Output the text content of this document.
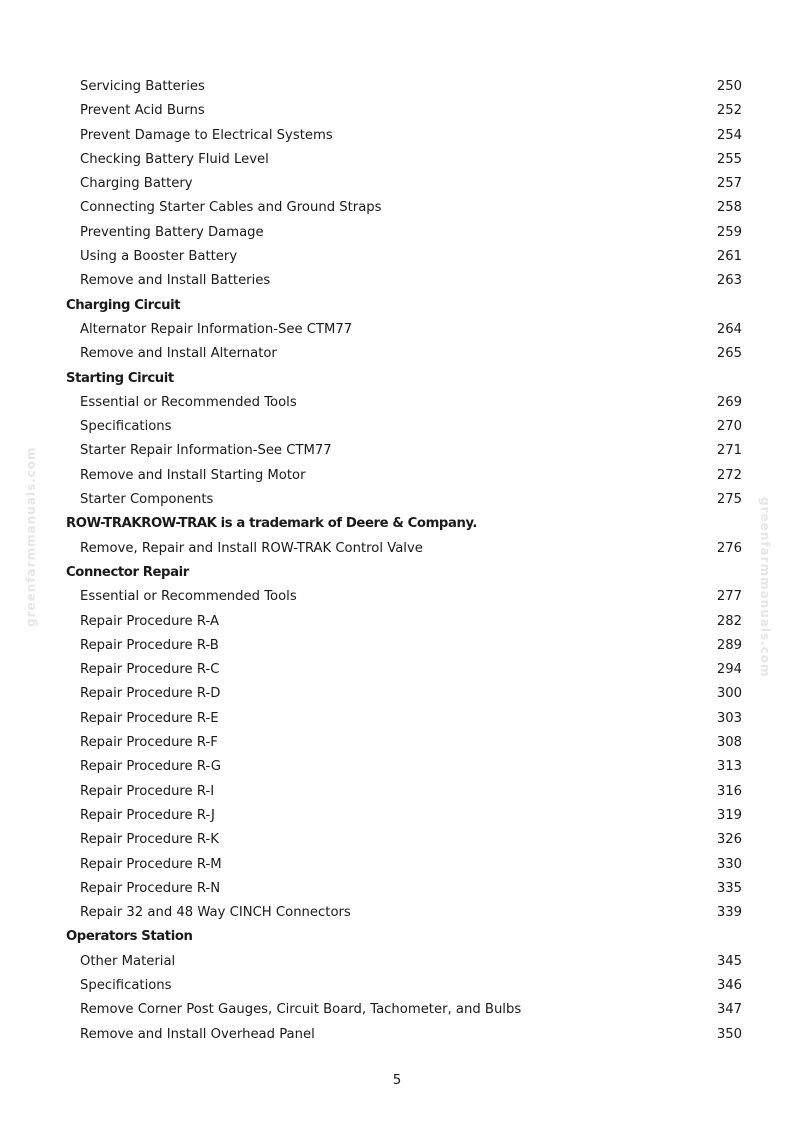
Servicing Batteries	250
Prevent Acid Burns	252
Prevent Damage to Electrical Systems	254
Checking Battery Fluid Level	255
Charging Battery	257
Connecting Starter Cables and Ground Straps	258
Preventing Battery Damage	259
Using a Booster Battery	261
Remove and Install Batteries	263
Charging Circuit
Alternator Repair Information-See CTM77	264
Remove and Install Alternator	265
Starting Circuit
Essential or Recommended Tools	269
Specifications	270
Starter Repair Information-See CTM77	271
Remove and Install Starting Motor	272
Starter Components	275
ROW-TRAKROW-TRAK is a trademark of Deere & Company.
Remove, Repair and Install ROW-TRAK Control Valve	276
Connector Repair
Essential or Recommended Tools	277
Repair Procedure R-A	282
Repair Procedure R-B	289
Repair Procedure R-C	294
Repair Procedure R-D	300
Repair Procedure R-E	303
Repair Procedure R-F	308
Repair Procedure R-G	313
Repair Procedure R-I	316
Repair Procedure R-J	319
Repair Procedure R-K	326
Repair Procedure R-M	330
Repair Procedure R-N	335
Repair 32 and 48 Way CINCH Connectors	339
Operators Station
Other Material	345
Specifications	346
Remove Corner Post Gauges, Circuit Board, Tachometer, and Bulbs	347
Remove and Install Overhead Panel	350
5
greenfarmmanuals.com	greenfarmmanuals.com
